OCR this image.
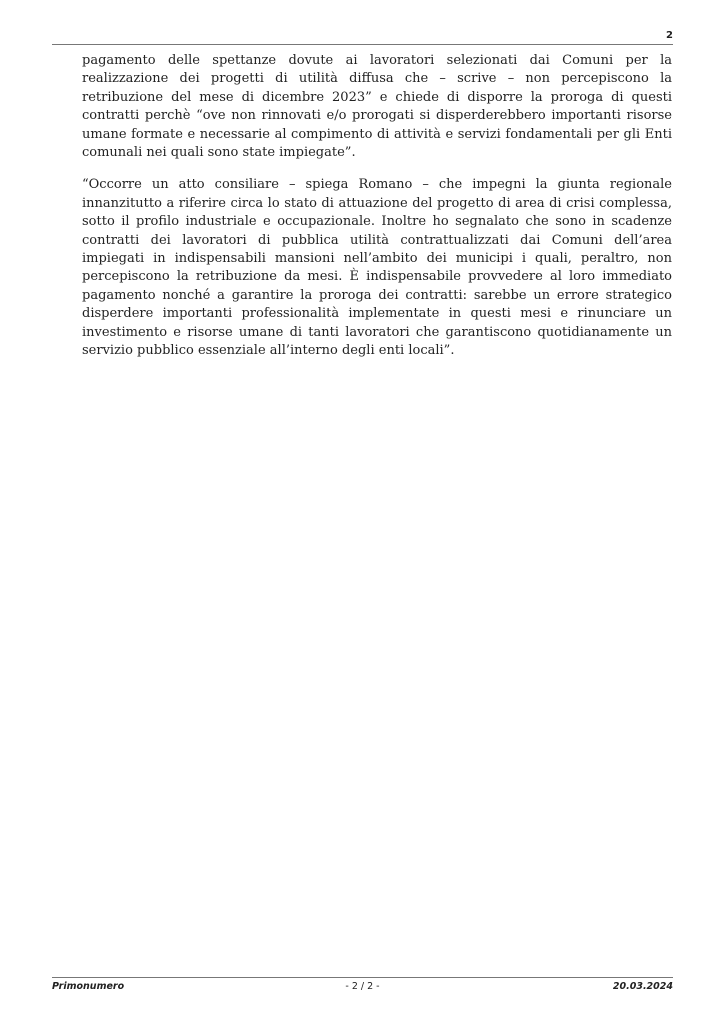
2

pagamento delle spettanze dovute ai lavoratori selezionati dai Comuni per la realizzazione dei progetti di utilità diffusa che – scrive – non percepiscono la retribuzione del mese di dicembre 2023” e chiede di disporre la proroga di questi contratti perchè “ove non rinnovati e/o prorogati si disperderebbero importanti risorse umane formate e necessarie al compimento di attività e servizi fondamentali per gli Enti comunali nei quali sono state impiegate”.

“Occorre un atto consiliare – spiega Romano – che impegni la giunta regionale innanzitutto a riferire circa lo stato di attuazione del progetto di area di crisi complessa, sotto il profilo industriale e occupazionale. Inoltre ho segnalato che sono in scadenze contratti dei lavoratori di pubblica utilità contrattualizzati dai Comuni dell’area impiegati in indispensabili mansioni nell’ambito dei municipi i quali, peraltro, non percepiscono la retribuzione da mesi. È indispensabile provvedere al loro immediato pagamento nonché a garantire la proroga dei contratti: sarebbe un errore strategico disperdere importanti professionalità implementate in questi mesi e rinunciare un investimento e risorse umane di tanti lavoratori che garantiscono quotidianamente un servizio pubblico essenziale all’interno degli enti locali”.

Primonumero	- 2 / 2 -	20.03.2024
